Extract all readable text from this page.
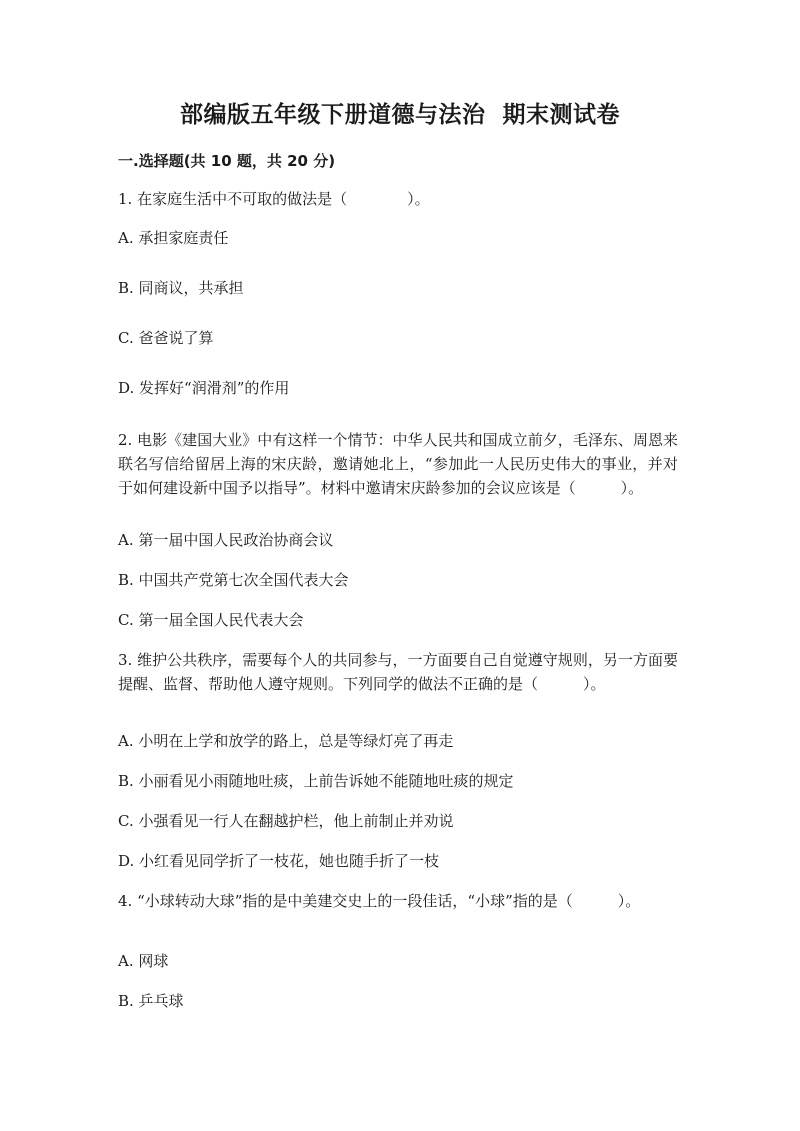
部编版五年级下册道德与法治  期末测试卷
一.选择题(共 10 题，共 20 分)
1. 在家庭生活中不可取的做法是（　　　　）。
A. 承担家庭责任
B. 同商议，共承担
C. 爸爸说了算
D. 发挥好“润滑剂”的作用
2. 电影《建国大业》中有这样一个情节：中华人民共和国成立前夕，毛泽东、周恩来联名写信给留居上海的宋庆龄，邀请她北上，“参加此一人民历史伟大的事业，并对于如何建设新中国予以指导”。材料中邀请宋庆龄参加的会议应该是（　　　）。
A. 第一届中国人民政治协商会议
B. 中国共产党第七次全国代表大会
C. 第一届全国人民代表大会
3. 维护公共秩序，需要每个人的共同参与，一方面要自己自觉遵守规则，另一方面要提醒、监督、帮助他人遵守规则。下列同学的做法不正确的是（　　　）。
A. 小明在上学和放学的路上，总是等绿灯亮了再走
B. 小丽看见小雨随地吐痰，上前告诉她不能随地吐痰的规定
C. 小强看见一行人在翻越护栏，他上前制止并劝说
D. 小红看见同学折了一枝花，她也随手折了一枝
4. “小球转动大球”指的是中美建交史上的一段佳话，“小球”指的是（　　　）。
A. 网球
B. 乒乓球
